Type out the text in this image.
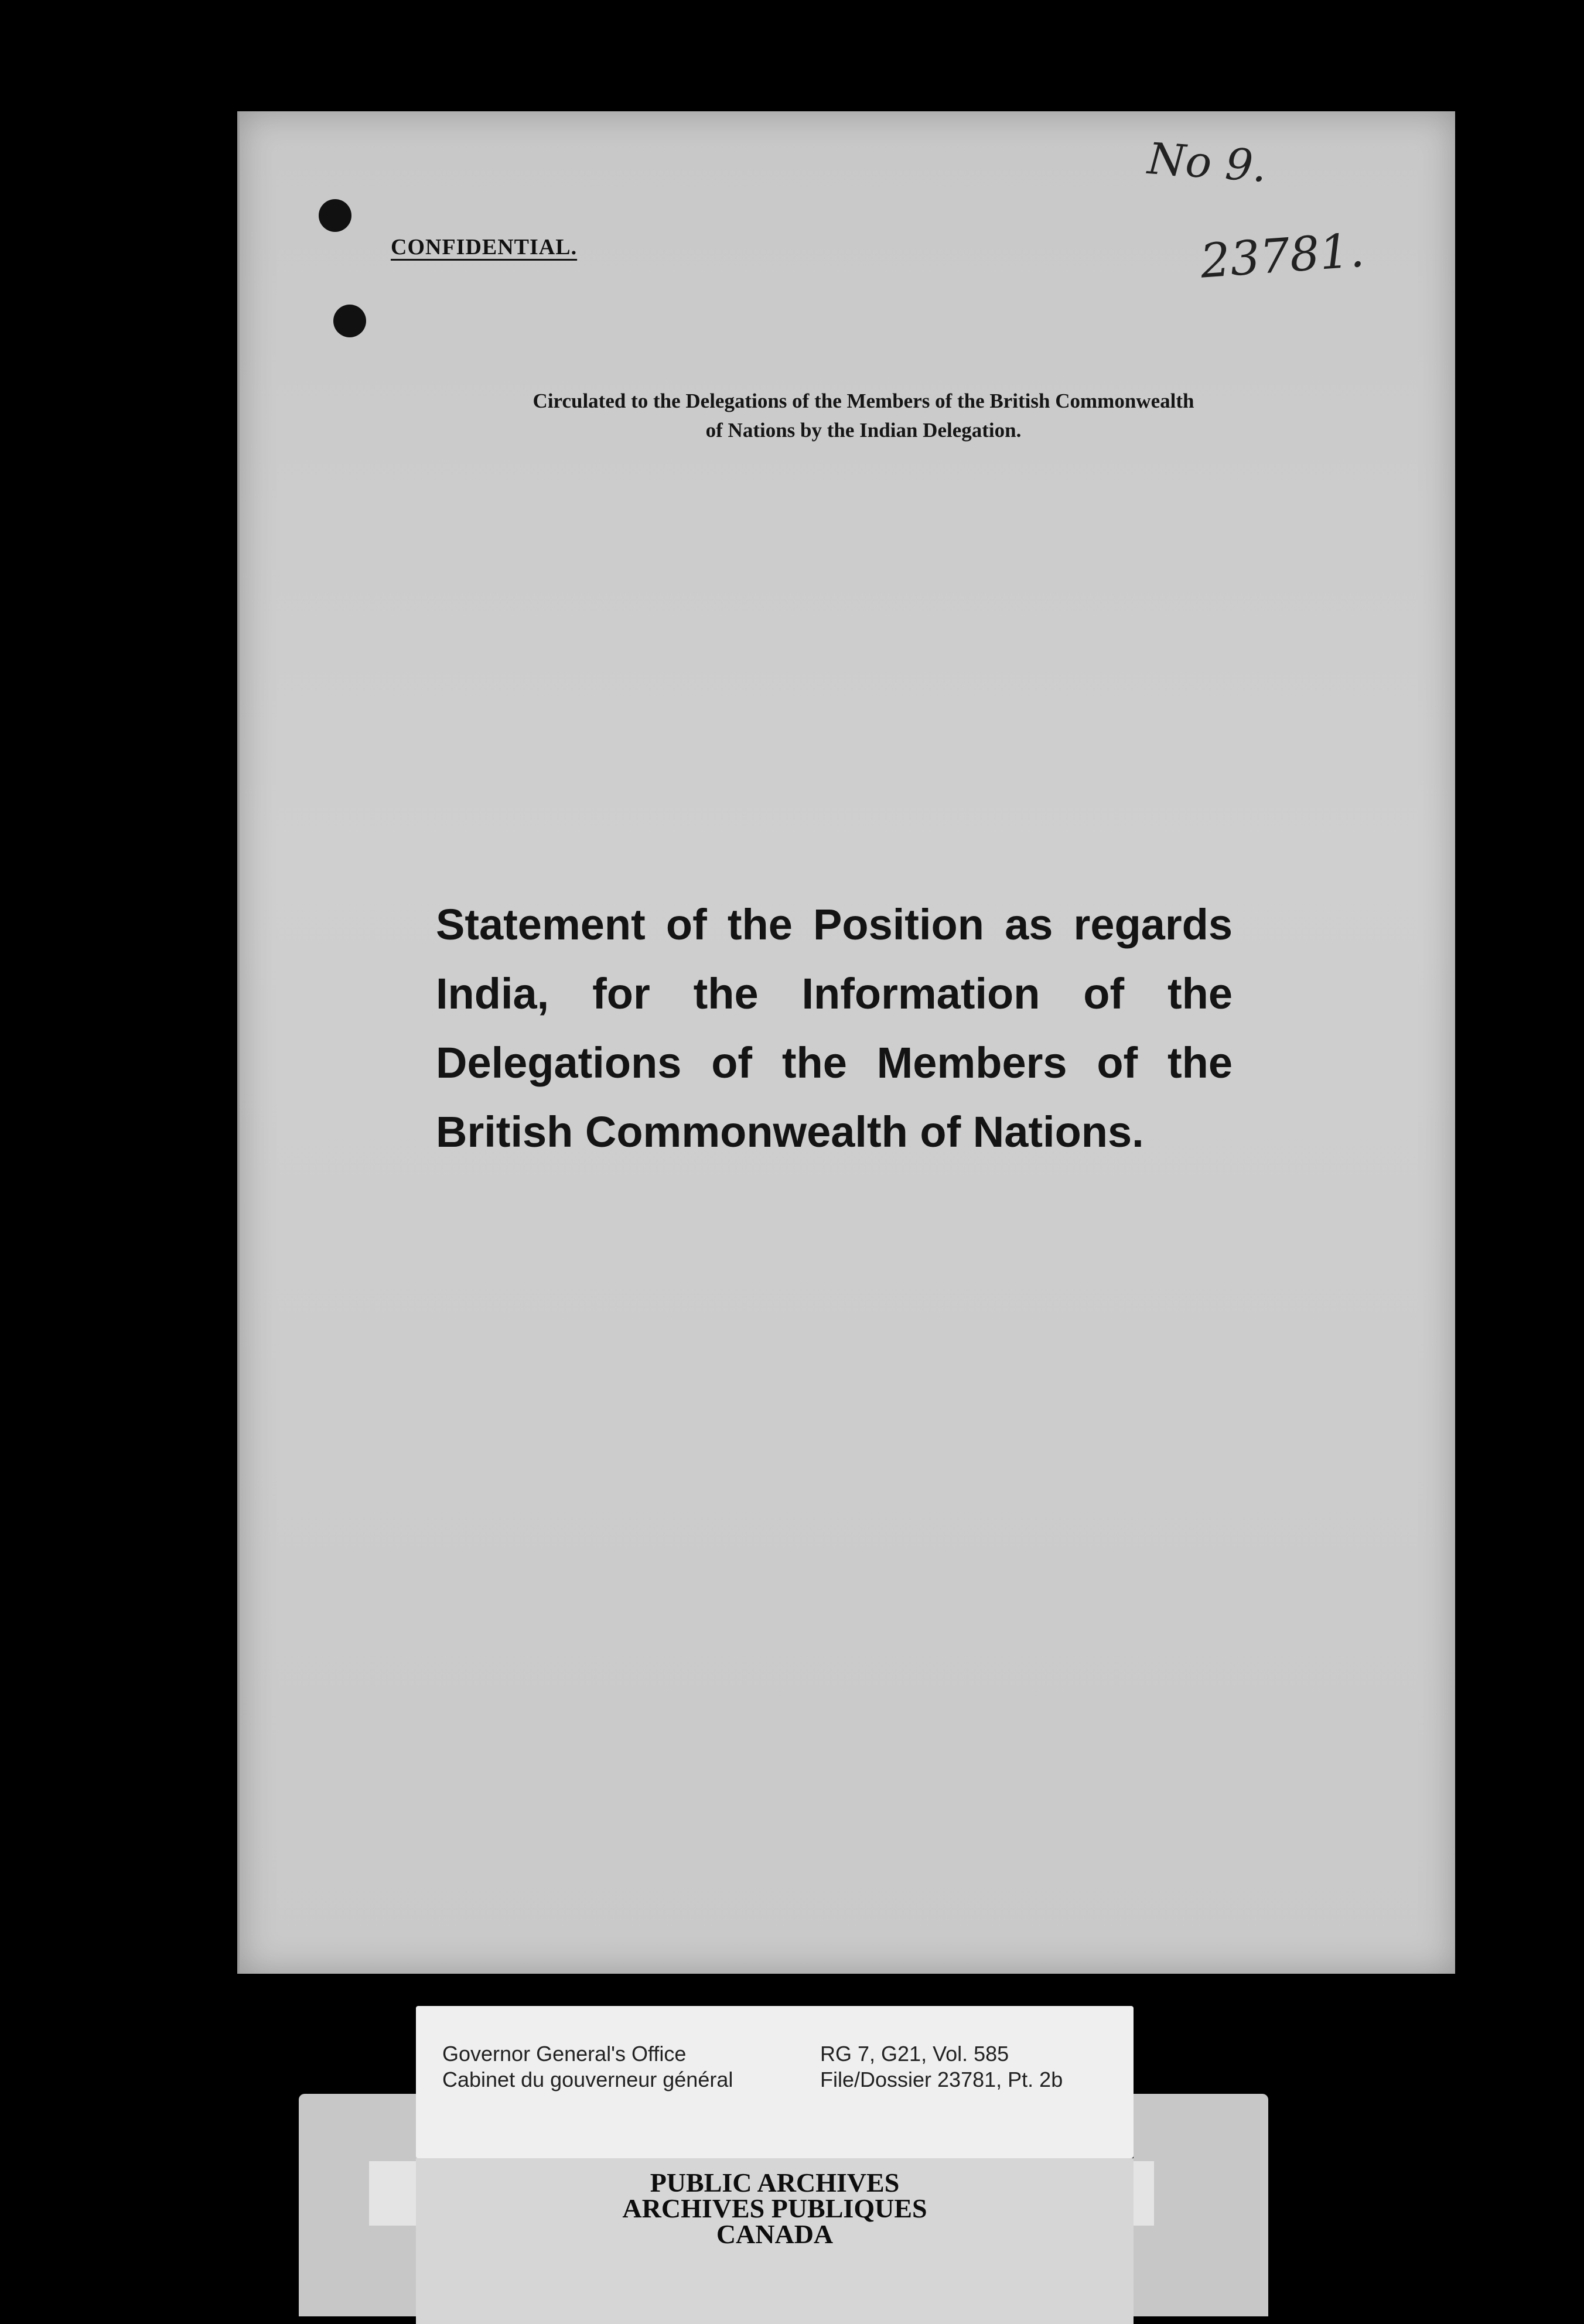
No 9.
23781.
CONFIDENTIAL.
Circulated to the Delegations of the Members of the British Commonwealth
of Nations by the Indian Delegation.
Statement of the Position as regards
India, for the Information of the
Delegations of the Members of the
British Commonwealth of Nations.
Governor General's Office
Cabinet du gouverneur général
RG 7, G21, Vol. 585
File/Dossier 23781, Pt. 2b
PUBLIC ARCHIVES
ARCHIVES PUBLIQUES
CANADA
